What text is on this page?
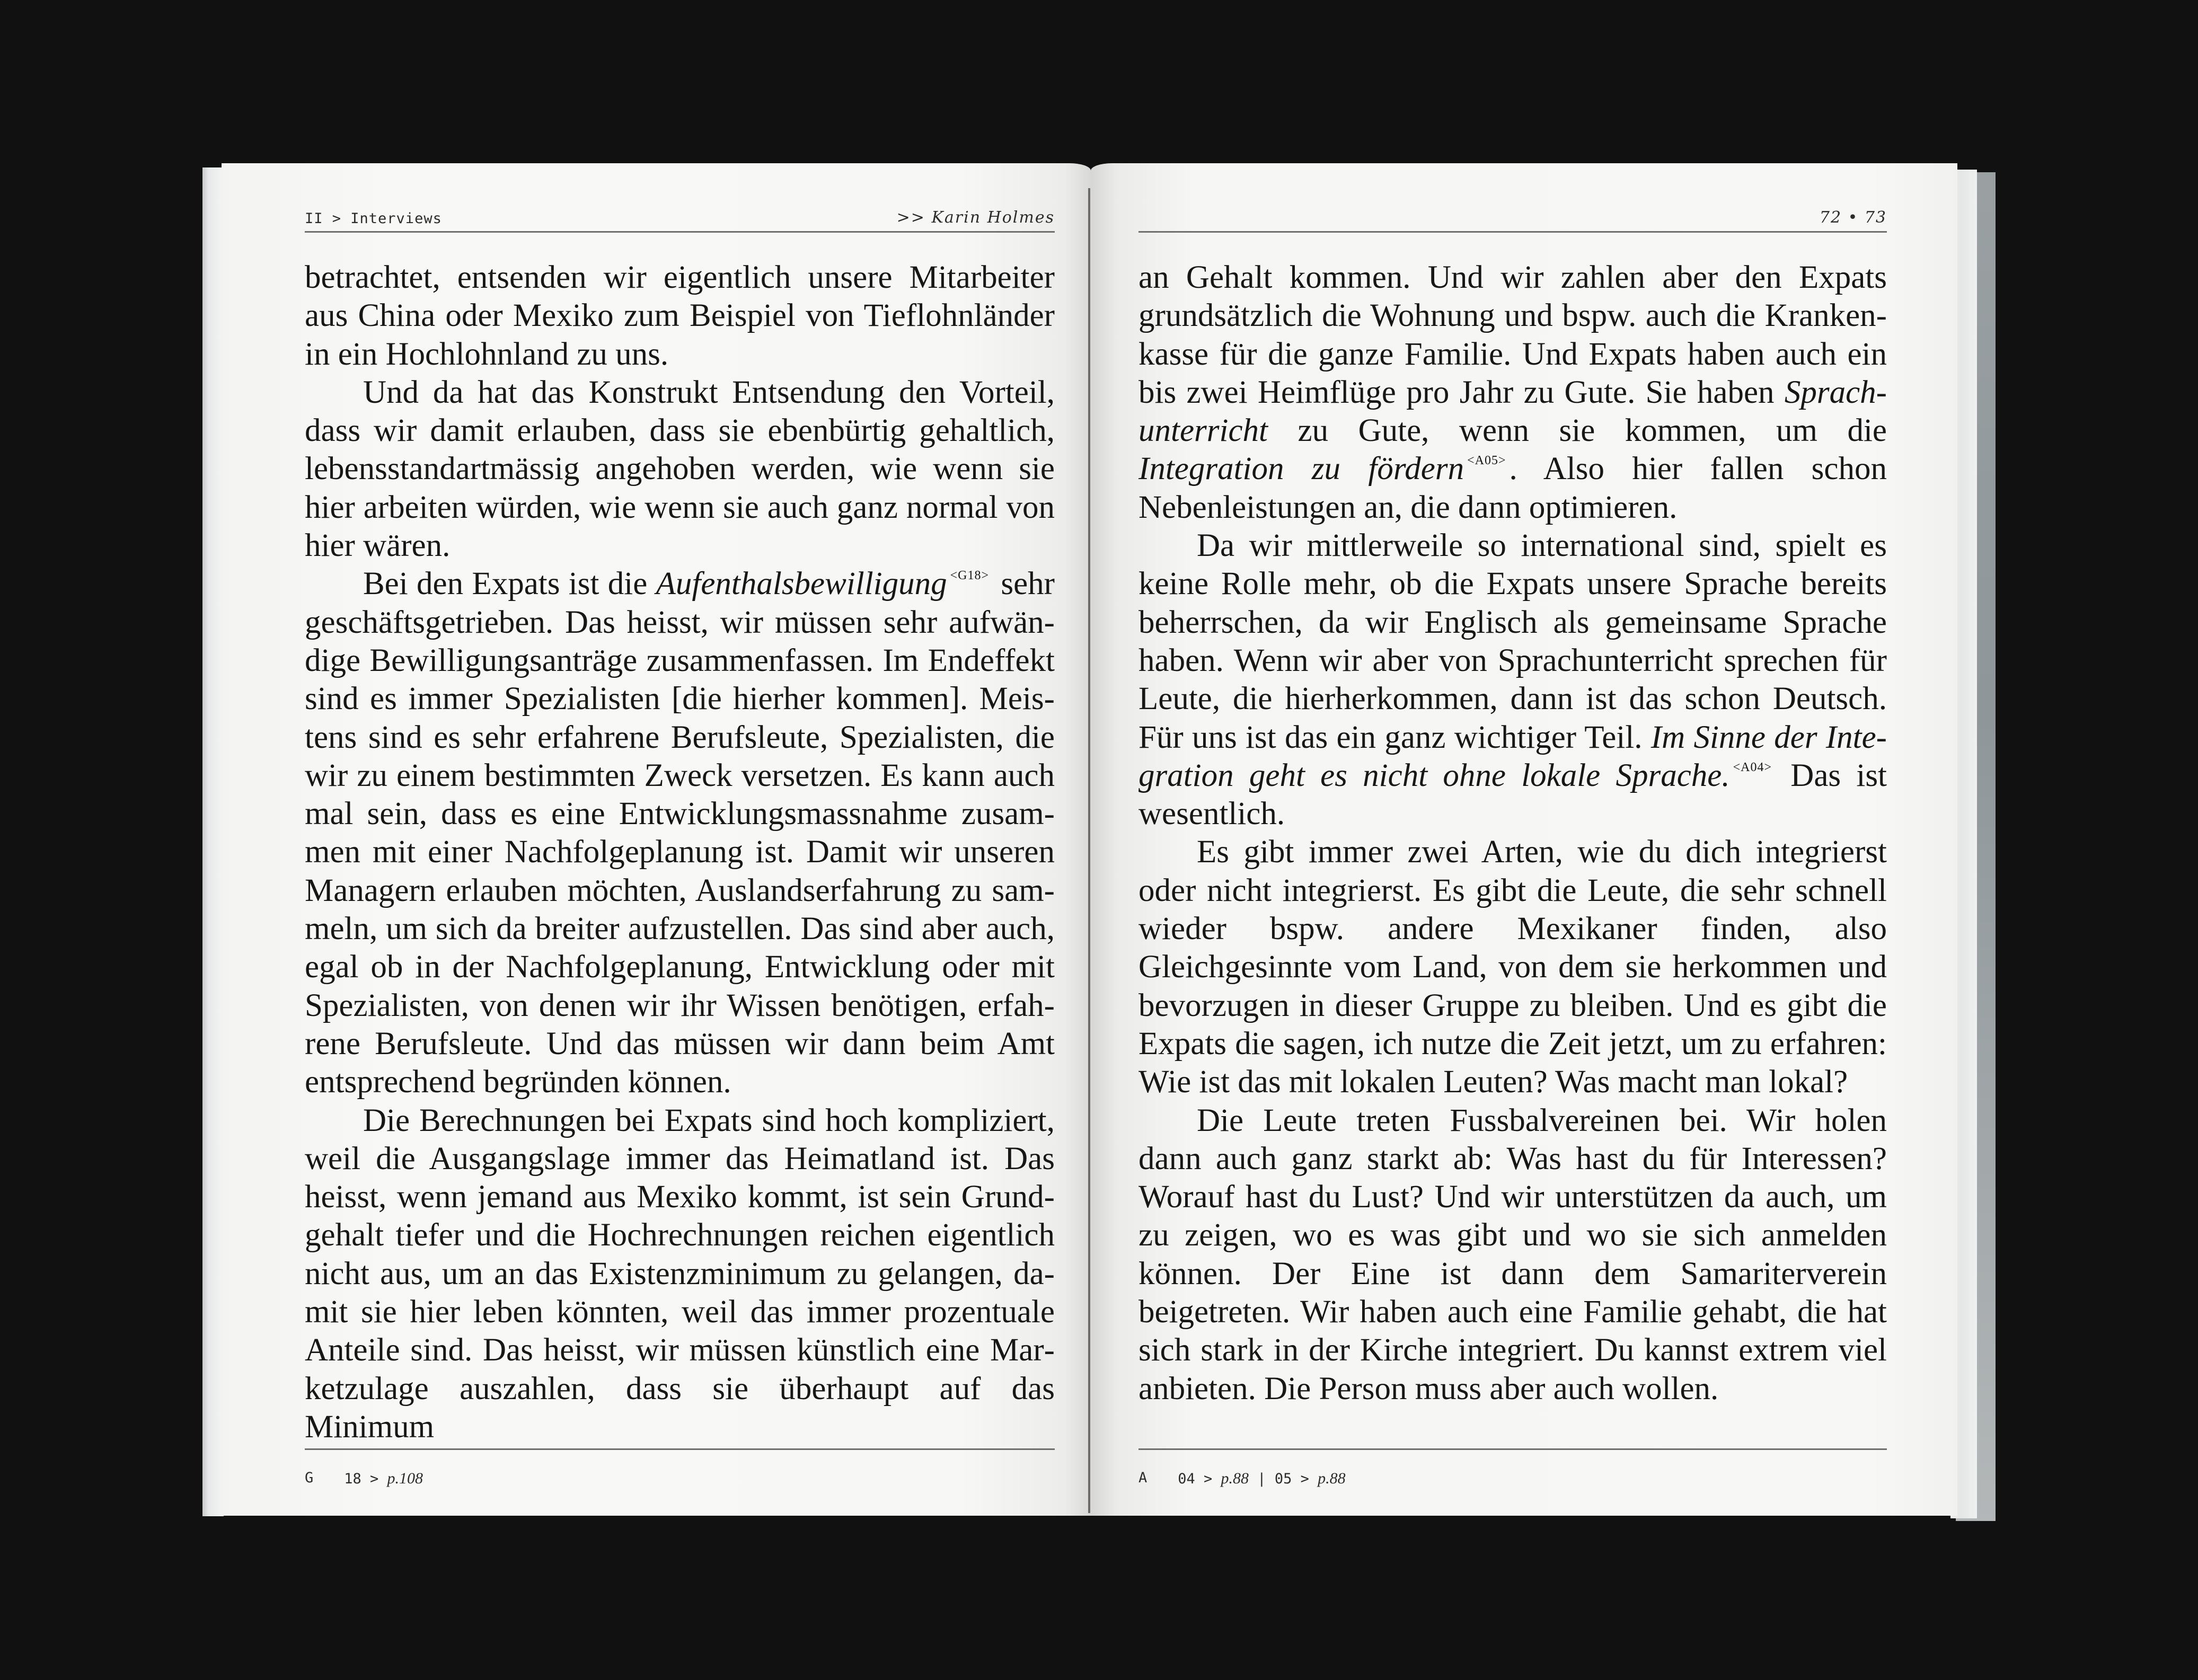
II > Interviews	>> Karin Holmes

betrachtet, entsenden wir eigentlich unsere Mitarbeiter aus China oder Mexiko zum Beispiel von Tieflohnländer in ein Hochlohnland zu uns.

Und da hat das Konstrukt Entsendung den Vorteil, dass wir damit erlauben, dass sie ebenbürtig gehaltlich, lebensstandartmässig angehoben werden, wie wenn sie hier arbeiten würden, wie wenn sie auch ganz normal von hier wären.

Bei den Expats ist die Aufenthalsbewilligung $^{<G18>}$ sehr geschäftsgetrieben. Das heisst, wir müssen sehr aufwändige Bewilligungsanträge zusammenfassen. Im Endeffekt sind es immer Spezialisten [die hierher kommen]. Meistens sind es sehr erfahrene Berufsleute, Spezialisten, die wir zu einem bestimmten Zweck versetzen. Es kann auch mal sein, dass es eine Entwicklungsmassnahme zusammen mit einer Nachfolgeplanung ist. Damit wir unseren Managern erlauben möchten, Auslandserfahrung zu sammeln, um sich da breiter aufzustellen. Das sind aber auch, egal ob in der Nachfolgeplanung, Entwicklung oder mit Spezialisten, von denen wir ihr Wissen benötigen, erfahrene Berufsleute. Und das müssen wir dann beim Amt entsprechend begründen können.

Die Berechnungen bei Expats sind hoch kompliziert, weil die Ausgangslage immer das Heimatland ist. Das heisst, wenn jemand aus Mexiko kommt, ist sein Grundgehalt tiefer und die Hochrechnungen reichen eigentlich nicht aus, um an das Existenzminimum zu gelangen, damit sie hier leben könnten, weil das immer prozentuale Anteile sind. Das heisst, wir müssen künstlich eine Marketzulage auszahlen, dass sie überhaupt auf das Minimum

G 18 > p.108
72 • 73

an Gehalt kommen. Und wir zahlen aber den Expats grundsätzlich die Wohnung und bspw. auch die Krankenkasse für die ganze Familie. Und Expats haben auch ein bis zwei Heimflüge pro Jahr zu Gute. Sie haben Sprachunterricht zu Gute, wenn sie kommen, um die Integration zu fördern $^{<A05>}$. Also hier fallen schon Nebenleistungen an, die dann optimieren.

Da wir mittlerweile so international sind, spielt es keine Rolle mehr, ob die Expats unsere Sprache bereits beherrschen, da wir Englisch als gemeinsame Sprache haben. Wenn wir aber von Sprachunterricht sprechen für Leute, die hierherkommen, dann ist das schon Deutsch. Für uns ist das ein ganz wichtiger Teil. Im Sinne der Integration geht es nicht ohne lokale Sprache. $^{<A04>}$ Das ist wesentlich.

Es gibt immer zwei Arten, wie du dich integrierst oder nicht integrierst. Es gibt die Leute, die sehr schnell wieder bspw. andere Mexikaner finden, also Gleichgesinnte vom Land, von dem sie herkommen und bevorzugen in dieser Gruppe zu bleiben. Und es gibt die Expats die sagen, ich nutze die Zeit jetzt, um zu erfahren: Wie ist das mit lokalen Leuten? Was macht man lokal?

Die Leute treten Fussbalvereinen bei. Wir holen dann auch ganz starkt ab: Was hast du für Interessen? Worauf hast du Lust? Und wir unterstützen da auch, um zu zeigen, wo es was gibt und wo sie sich anmelden können. Der Eine ist dann dem Samariterverein beigetreten. Wir haben auch eine Familie gehabt, die hat sich stark in der Kirche integriert. Du kannst extrem viel anbieten. Die Person muss aber auch wollen.

A 04 > p.88 | 05 > p.88
